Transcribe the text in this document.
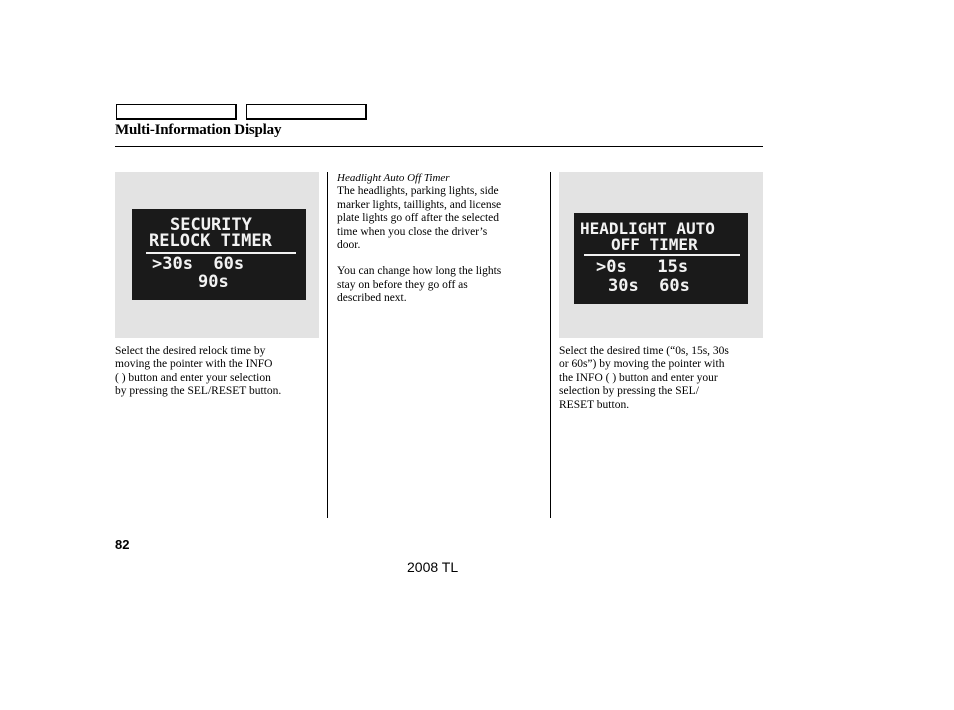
Multi-Information Display
SECURITY
RELOCK TIMER
>30s  60s
90s
Select the desired relock time by
moving the pointer with the INFO
( ) button and enter your selection
by pressing the SEL/RESET button.
Headlight Auto Off Timer
The headlights, parking lights, side
marker lights, taillights, and license
plate lights go off after the selected
time when you close the driver’s
door.
You can change how long the lights
stay on before they go off as
described next.
HEADLIGHT AUTO
OFF TIMER
>0s   15s
30s  60s
Select the desired time (“0s, 15s, 30s
or 60s”) by moving the pointer with
the INFO ( ) button and enter your
selection by pressing the SEL/
RESET button.
82
2008 TL
